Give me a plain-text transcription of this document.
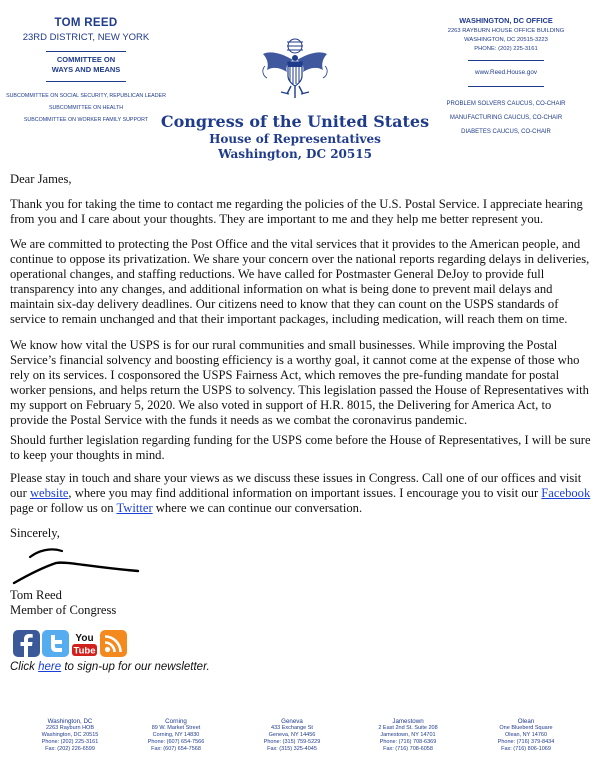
TOM REED
23RD DISTRICT, NEW YORK
COMMITTEE ON
WAYS AND MEANS
SUBCOMMITTEE ON SOCIAL SECURITY, REPUBLICAN LEADER
SUBCOMMITTEE ON HEALTH
SUBCOMMITTEE ON WORKER FAMILY SUPPORT
WASHINGTON, DC OFFICE
2263 RAYBURN HOUSE OFFICE BUILDING
WASHINGTON, DC 20515-3223
PHONE: (202) 225-3161
www.Reed.House.gov
PROBLEM SOLVERS CAUCUS, CO-CHAIR
MANUFACTURING CAUCUS, CO-CHAIR
DIABETES CAUCUS, CO-CHAIR
Congress of the United States
House of Representatives
Washington, DC 20515

Dear James,

Thank you for taking the time to contact me regarding the policies of the U.S. Postal Service. I appreciate hearing from you and I care about your thoughts. They are important to me and they help me better represent you.

We are committed to protecting the Post Office and the vital services that it provides to the American people, and continue to oppose its privatization. We share your concern over the national reports regarding delays in deliveries, operational changes, and staffing reductions. We have called for Postmaster General DeJoy to provide full transparency into any changes, and additional information on what is being done to prevent mail delays and maintain six-day delivery deadlines. Our citizens need to know that they can count on the USPS standards of service to remain unchanged and that their important packages, including medication, will reach them on time.

We know how vital the USPS is for our rural communities and small businesses. While improving the Postal Service’s financial solvency and boosting efficiency is a worthy goal, it cannot come at the expense of those who rely on its services. I cosponsored the USPS Fairness Act, which removes the pre-funding mandate for postal worker pensions, and helps return the USPS to solvency. This legislation passed the House of Representatives with my support on February 5, 2020. We also voted in support of H.R. 8015, the Delivering for America Act, to provide the Postal Service with the funds it needs as we combat the coronavirus pandemic.

Should further legislation regarding funding for the USPS come before the House of Representatives, I will be sure to keep your thoughts in mind.

Please stay in touch and share your views as we discuss these issues in Congress. Call one of our offices and visit our website, where you may find additional information on important issues. I encourage you to visit our Facebook page or follow us on Twitter where we can continue our conversation.

Sincerely,

Tom Reed
Member of Congress
You
Tube
Click here to sign-up for our newsletter.
Washington, DC
2263 Rayburn HOB
Washington, DC 20515
Phone: (202) 225-3161
Fax: (202) 226-6599
Corning
89 W. Market Street
Corning, NY 14830
Phone: (607) 654-7566
Fax: (607) 654-7568
Geneva
433 Exchange St
Geneva, NY 14456
Phone: (315) 759-5229
Fax: (315) 325-4045
Jamestown
2 East 2nd St. Suite 208
Jamestown, NY 14701
Phone: (716) 708-6369
Fax: (716) 708-6058
Olean
One Blueberd Square
Olean, NY 14760
Phone: (716) 379-8434
Fax: (716) 806-1069
